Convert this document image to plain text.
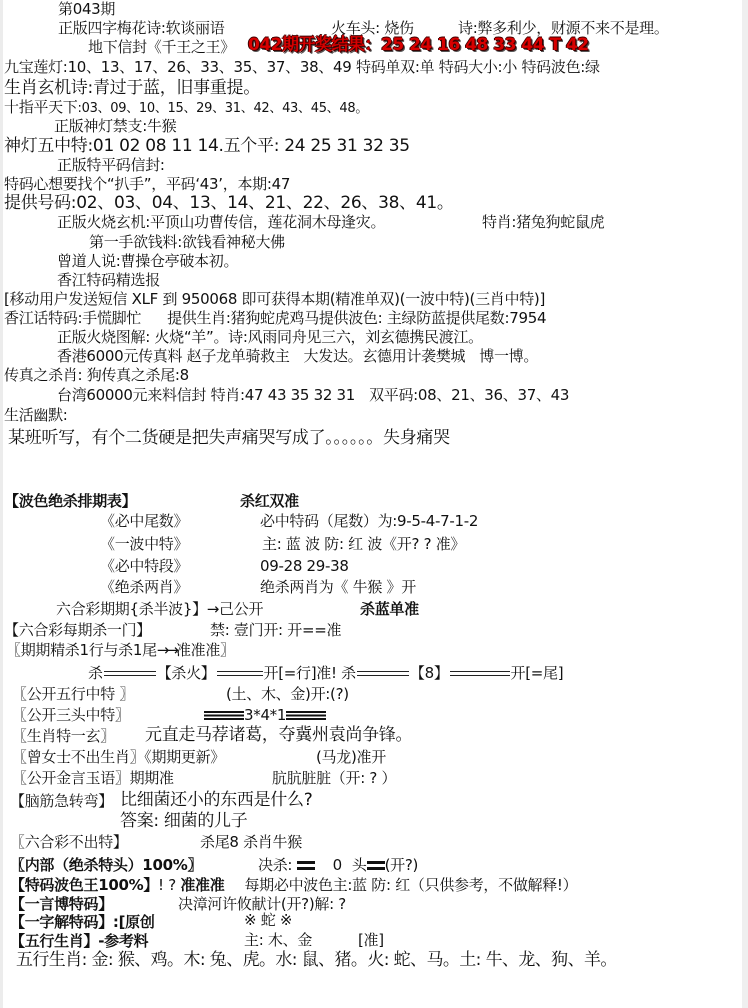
第043期
正版四字梅花诗:软谈丽语	火车头: 烧伤	诗:弊多利少，财源不来不是理。
地下信封《千王之王》 042期开奖结果：25 24 16 48 33 44 T 42
九宝莲灯:10、13、17、26、33、35、37、38、49 特码单双:单 特码大小:小 特码波色:绿
生肖玄机诗:青过于蓝，旧事重提。
十指平天下:03、09、10、15、29、31、42、43、45、48。
正版神灯禁支:牛猴
神灯五中特:01 02 08 11 14.五个平: 24 25 31 32 35
正版特平码信封:
特码心想要找个“扒手”，平码‘43’，本期:47
提供号码:02、03、04、13、14、21、22、26、38、41。
正版火烧玄机:平顶山功曹传信，莲花洞木母逢灾。	特肖:猪兔狗蛇鼠虎
第一手欲钱料:欲钱看神秘大佛
曾道人说:曹操仓亭破本初。
香江特码精选报
[移动用户发送短信 XLF 到 950068 即可获得本期(精准单双)(一波中特)(三肖中特)]
香江话特码:手慌脚忙 提供生肖:猪狗蛇虎鸡马提供波色: 主绿防蓝提供尾数:7954
正版火烧图解: 火烧“羊”。诗:风雨同舟见三六，刘玄德携民渡江。
香港6000元传真料 赵子龙单骑救主 大发达。玄德用计袭樊城 博一博。
传真之杀肖: 狗传真之杀尾:8
台湾60000元来料信封 特肖:47 43 35 32 31 双平码:08、21、36、37、43
生活幽默:
某班听写，有个二货硬是把失声痛哭写成了。。。。。。失身痛哭
【波色绝杀排期表】	杀红双准
《必中尾数》	必中特码（尾数）为:9-5-4-7-1-2
《一波中特》	主: 蓝 波 防: 红 波《开? ? 准》
《必中特段》	09-28 29-38
《绝杀两肖》	绝杀两肖为《 牛猴 》开
六合彩期期{杀半波}】→己公开	杀蓝单准
【六合彩每期杀一门】	禁: 壹门开: 开==准
〖期期精杀1行与杀1尾→→准准准〗
杀	【杀火】	开[=行]准! 杀	【8】	开[=尾]
〖公开五行中特 〗	(土、木、金)开:(?)
〖公开三头中特〗	3*4*1
〖生肖特一玄〗 元直走马荐诸葛，夺冀州袁尚争锋。
〖曾女士不出生肖〗《期期更新》	(马龙)准开
〖公开金言玉语〗期期准	肮肮脏脏（开: ? ）
【脑筋急转弯】 比细菌还小的东西是什么?
答案: 细菌的儿子
〖六合彩不出特】	杀尾8 杀肖牛猴
〖内部（绝杀特头）100%〗	决杀:	0 头 (开?)
【特码波色王100%】! ? 准准准 每期必中波色主:蓝 防: 红（只供参考，不做解释!）
【一言博特码】	决漳河许攸献计(开?)解: ?
【一字解特码】:[原创	※ 蛇 ※
【五行生肖】-参考料	主: 木、金	[准]
五行生肖: 金: 猴、鸡。木: 兔、虎。水: 鼠、猪。火: 蛇、马。土: 牛、龙、狗、羊。
